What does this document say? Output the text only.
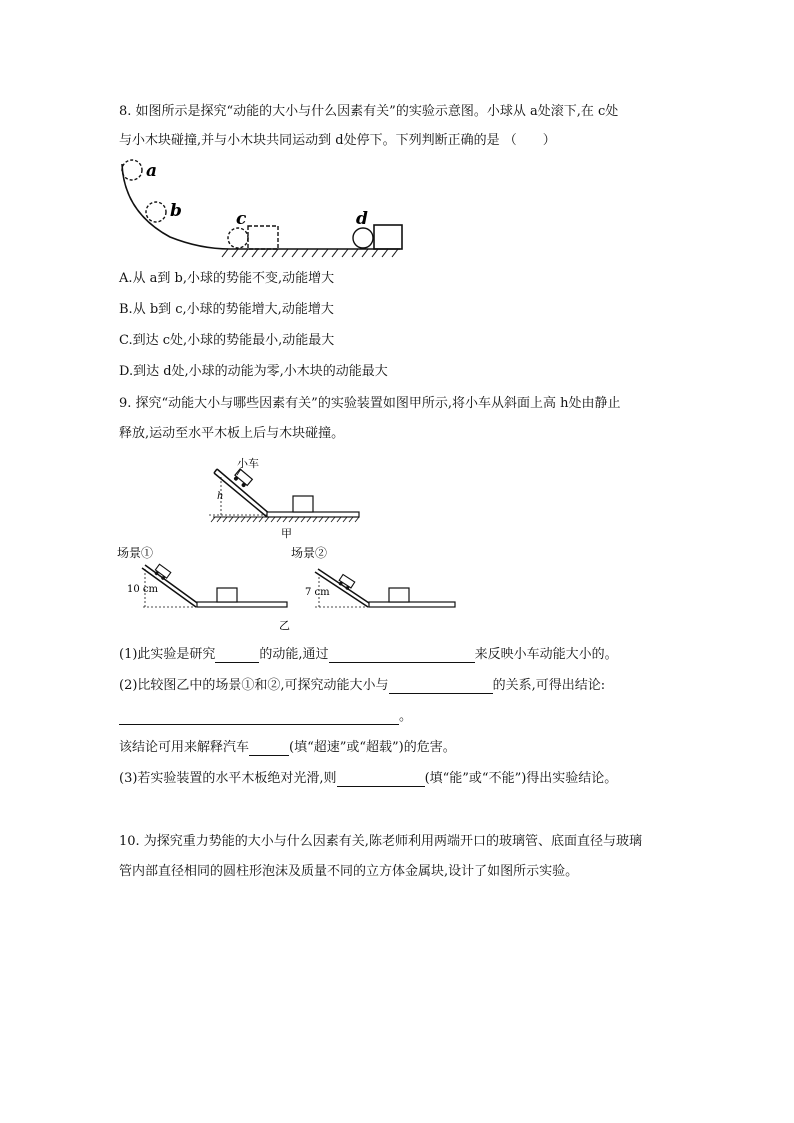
8. 如图所示是探究“动能的大小与什么因素有关”的实验示意图。小球从 a处滚下,在 c处
与小木块碰撞,并与小木块共同运动到 d处停下。下列判断正确的是 （　　）
a
b	c	d
A.从 a到 b,小球的势能不变,动能增大
B.从 b到 c,小球的势能增大,动能增大
C.到达 c处,小球的势能最小,动能最大
D.到达 d处,小球的动能为零,小木块的动能最大
9. 探究“动能大小与哪些因素有关”的实验装置如图甲所示,将小车从斜面上高 h处由静止
释放,运动至水平木板上后与木块碰撞。
小车
h
甲
场景①
10 cm
场景②
7 cm
乙
(1)此实验是研究	的动能,通过	来反映小车动能大小的。
(2)比较图乙中的场景①和②,可探究动能大小与	的关系,可得出结论:
。
该结论可用来解释汽车	(填“超速”或“超载”)的危害。
(3)若实验装置的水平木板绝对光滑,则	(填“能”或“不能”)得出实验结论。
10. 为探究重力势能的大小与什么因素有关,陈老师利用两端开口的玻璃管、底面直径与玻璃
管内部直径相同的圆柱形泡沫及质量不同的立方体金属块,设计了如图所示实验。
